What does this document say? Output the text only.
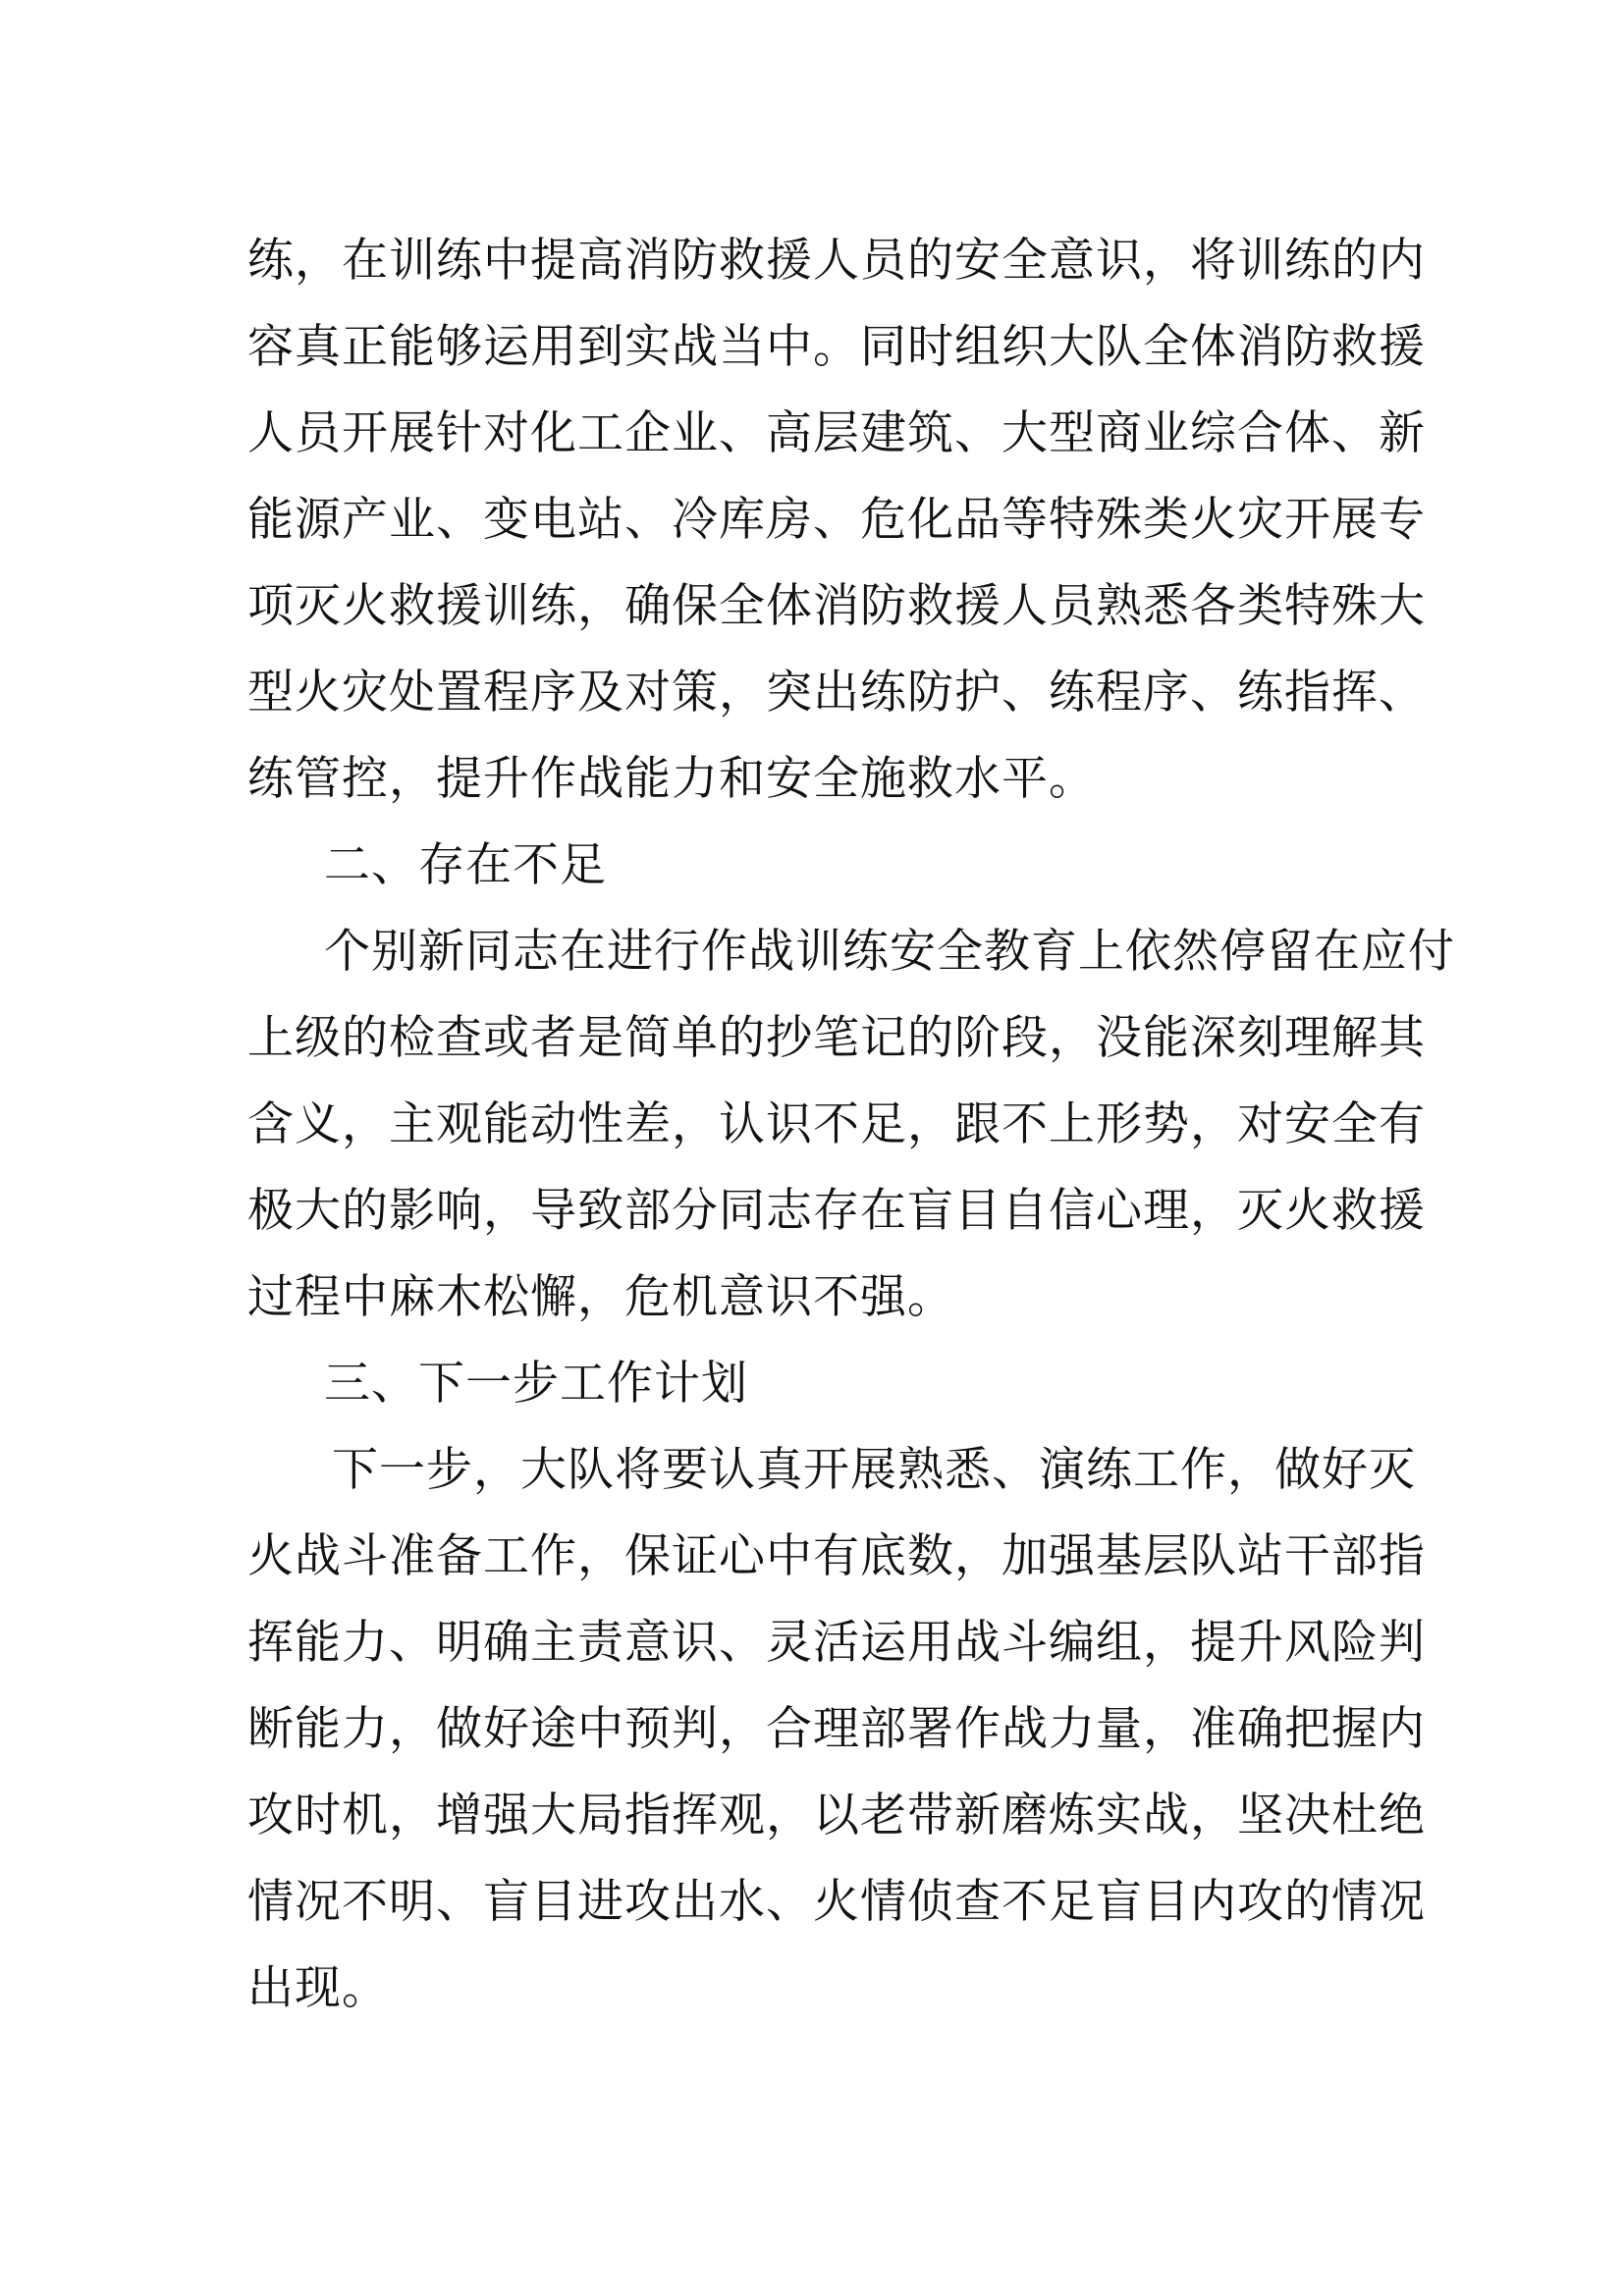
练，在训练中提高消防救援人员的安全意识，将训练的内
容真正能够运用到实战当中。同时组织大队全体消防救援
人员开展针对化工企业、高层建筑、大型商业综合体、新
能源产业、变电站、冷库房、危化品等特殊类火灾开展专
项灭火救援训练，确保全体消防救援人员熟悉各类特殊大
型火灾处置程序及对策，突出练防护、练程序、练指挥、
练管控，提升作战能力和安全施救水平。
二、存在不足
个别新同志在进行作战训练安全教育上依然停留在应付
上级的检查或者是简单的抄笔记的阶段，没能深刻理解其
含义，主观能动性差，认识不足，跟不上形势，对安全有
极大的影响，导致部分同志存在盲目自信心理，灭火救援
过程中麻木松懈，危机意识不强。
三、下一步工作计划
下一步，大队将要认真开展熟悉、演练工作，做好灭
火战斗准备工作，保证心中有底数，加强基层队站干部指
挥能力、明确主责意识、灵活运用战斗编组，提升风险判
断能力，做好途中预判，合理部署作战力量，准确把握内
攻时机，增强大局指挥观，以老带新磨炼实战，坚决杜绝
情况不明、盲目进攻出水、火情侦查不足盲目内攻的情况
出现。
